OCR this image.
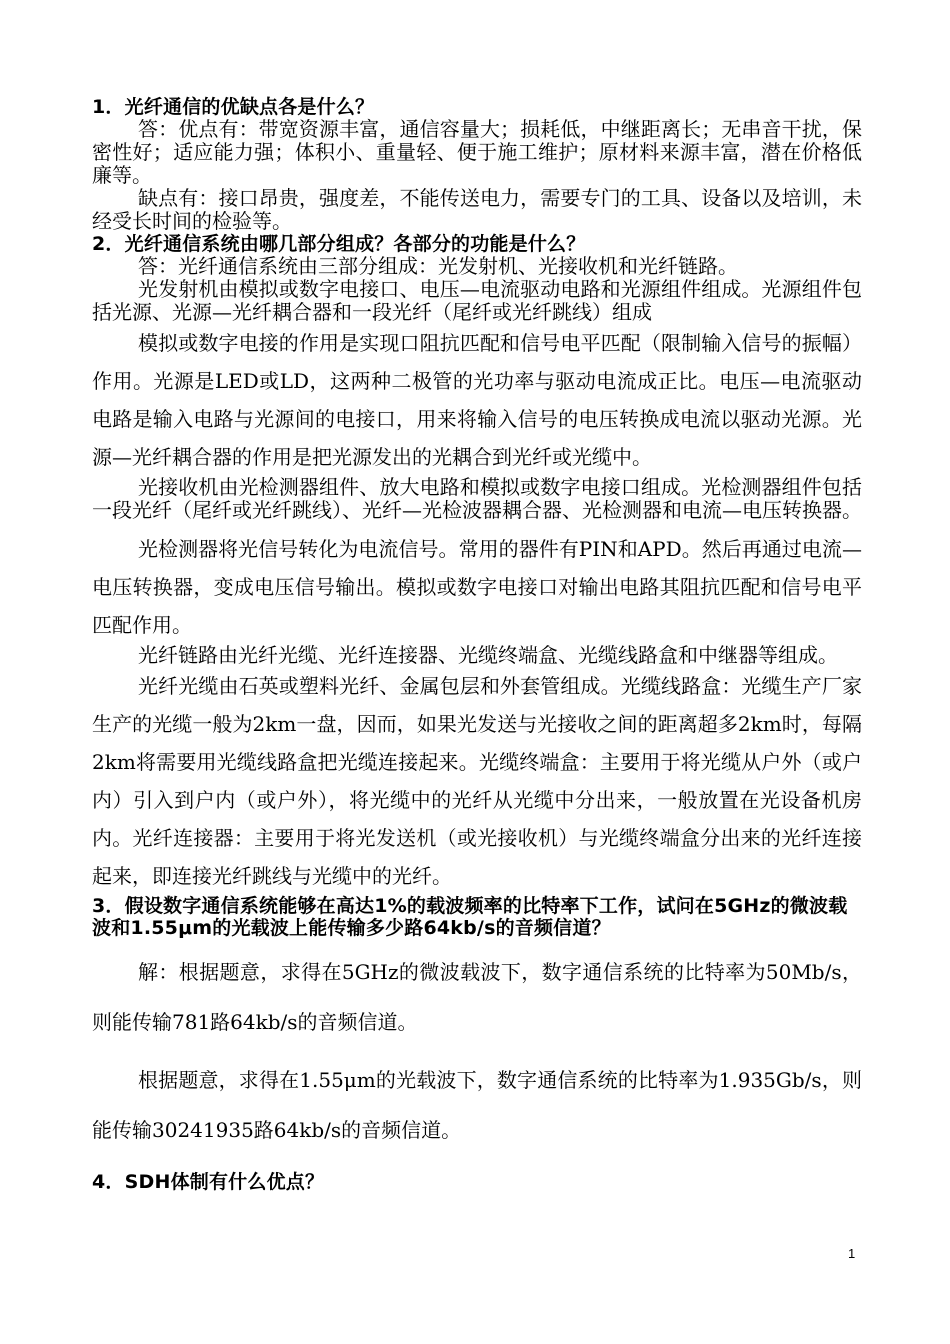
1．光纤通信的优缺点各是什么？

答：优点有：带宽资源丰富，通信容量大；损耗低，中继距离长；无串音干扰，保密性好；适应能力强；体积小、重量轻、便于施工维护；原材料来源丰富，潜在价格低廉等。

缺点有：接口昂贵，强度差，不能传送电力，需要专门的工具、设备以及培训，未经受长时间的检验等。

2．光纤通信系统由哪几部分组成？各部分的功能是什么？

答：光纤通信系统由三部分组成：光发射机、光接收机和光纤链路。

光发射机由模拟或数字电接口、电压—电流驱动电路和光源组件组成。光源组件包括光源、光源—光纤耦合器和一段光纤（尾纤或光纤跳线）组成

模拟或数字电接的作用是实现口阻抗匹配和信号电平匹配（限制输入信号的振幅）作用。光源是LED或LD，这两种二极管的光功率与驱动电流成正比。电压—电流驱动电路是输入电路与光源间的电接口，用来将输入信号的电压转换成电流以驱动光源。光源—光纤耦合器的作用是把光源发出的光耦合到光纤或光缆中。

光接收机由光检测器组件、放大电路和模拟或数字电接口组成。光检测器组件包括一段光纤（尾纤或光纤跳线）、光纤—光检波器耦合器、光检测器和电流—电压转换器。

光检测器将光信号转化为电流信号。常用的器件有PIN和APD。然后再通过电流—电压转换器，变成电压信号输出。模拟或数字电接口对输出电路其阻抗匹配和信号电平匹配作用。

光纤链路由光纤光缆、光纤连接器、光缆终端盒、光缆线路盒和中继器等组成。

光纤光缆由石英或塑料光纤、金属包层和外套管组成。光缆线路盒：光缆生产厂家生产的光缆一般为2km一盘，因而，如果光发送与光接收之间的距离超多2km时，每隔2km将需要用光缆线路盒把光缆连接起来。光缆终端盒：主要用于将光缆从户外（或户内）引入到户内（或户外），将光缆中的光纤从光缆中分出来，一般放置在光设备机房内。光纤连接器：主要用于将光发送机（或光接收机）与光缆终端盒分出来的光纤连接起来，即连接光纤跳线与光缆中的光纤。

3．假设数字通信系统能够在高达1%的载波频率的比特率下工作，试问在5GHz的微波载波和1.55μm的光载波上能传输多少路64kb/s的音频信道？

解：根据题意，求得在5GHz的微波载波下，数字通信系统的比特率为50Mb/s，则能传输781路64kb/s的音频信道。

根据题意，求得在1.55μm的光载波下，数字通信系统的比特率为1.935Gb/s，则能传输30241935路64kb/s的音频信道。

4．SDH体制有什么优点？

1
